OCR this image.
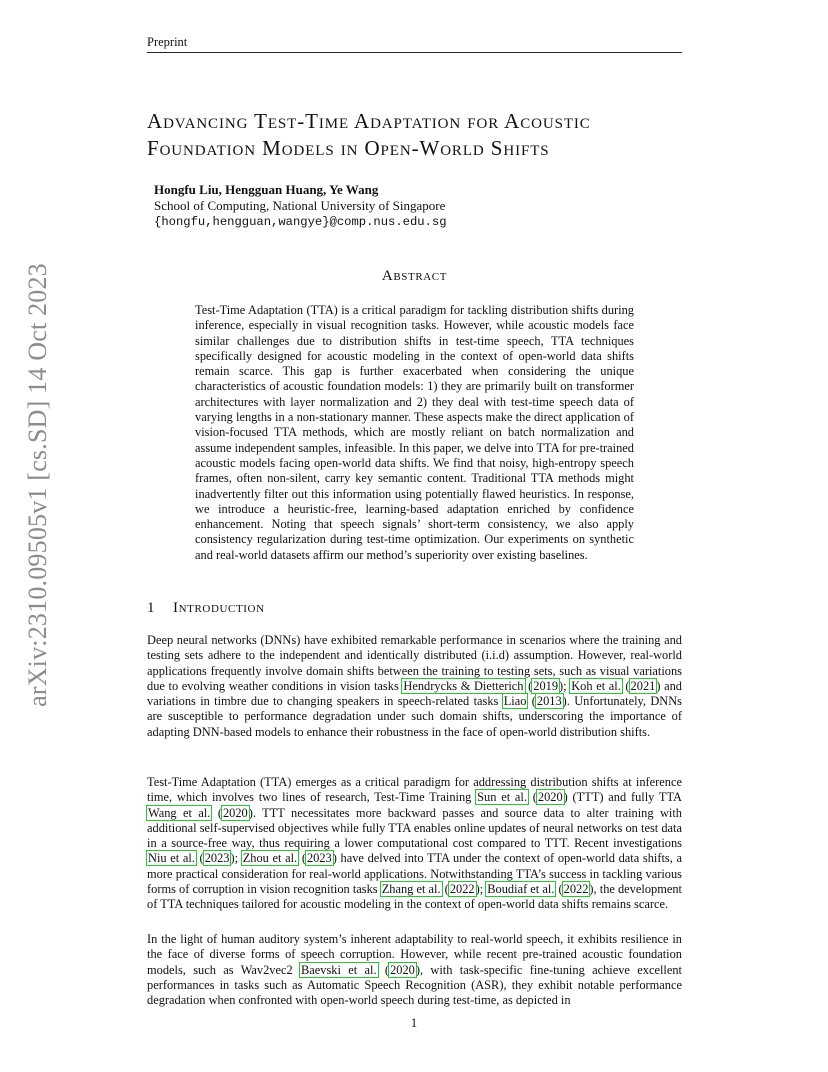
Preprint
arXiv:2310.09505v1 [cs.SD] 14 Oct 2023
Advancing Test-Time Adaptation for Acoustic
Foundation Models in Open-World Shifts
Hongfu Liu, Hengguan Huang, Ye Wang
School of Computing, National University of Singapore
{hongfu,hengguan,wangye}@comp.nus.edu.sg
Abstract

Test-Time Adaptation (TTA) is a critical paradigm for tackling distribution shifts during inference, especially in visual recognition tasks. However, while acoustic models face similar challenges due to distribution shifts in test-time speech, TTA techniques specifically designed for acoustic modeling in the context of open-world data shifts remain scarce. This gap is further exacerbated when considering the unique characteristics of acoustic foundation models: 1) they are primarily built on transformer architectures with layer normalization and 2) they deal with test-time speech data of varying lengths in a non-stationary manner. These aspects make the direct application of vision-focused TTA methods, which are mostly reliant on batch normalization and assume independent samples, infeasible. In this paper, we delve into TTA for pre-trained acoustic models facing open-world data shifts. We find that noisy, high-entropy speech frames, often non-silent, carry key semantic content. Traditional TTA methods might inadvertently filter out this information using potentially flawed heuristics. In response, we introduce a heuristic-free, learning-based adaptation enriched by confidence enhancement. Noting that speech signals’ short-term consistency, we also apply consistency regularization during test-time optimization. Our experiments on synthetic and real-world datasets affirm our method’s superiority over existing baselines.

1 Introduction

Deep neural networks (DNNs) have exhibited remarkable performance in scenarios where the training and testing sets adhere to the independent and identically distributed (i.i.d) assumption. However, real-world applications frequently involve domain shifts between the training to testing sets, such as visual variations due to evolving weather conditions in vision tasks Hendrycks & Dietterich (2019); Koh et al. (2021) and variations in timbre due to changing speakers in speech-related tasks Liao (2013). Unfortunately, DNNs are susceptible to performance degradation under such domain shifts, underscoring the importance of adapting DNN-based models to enhance their robustness in the face of open-world distribution shifts.

Test-Time Adaptation (TTA) emerges as a critical paradigm for addressing distribution shifts at inference time, which involves two lines of research, Test-Time Training Sun et al. (2020) (TTT) and fully TTA Wang et al. (2020). TTT necessitates more backward passes and source data to alter training with additional self-supervised objectives while fully TTA enables online updates of neural networks on test data in a source-free way, thus requiring a lower computational cost compared to TTT. Recent investigations Niu et al. (2023); Zhou et al. (2023) have delved into TTA under the context of open-world data shifts, a more practical consideration for real-world applications. Notwithstanding TTA’s success in tackling various forms of corruption in vision recognition tasks Zhang et al. (2022); Boudiaf et al. (2022), the development of TTA techniques tailored for acoustic modeling in the context of open-world data shifts remains scarce.

In the light of human auditory system’s inherent adaptability to real-world speech, it exhibits resilience in the face of diverse forms of speech corruption. However, while recent pre-trained acoustic foundation models, such as Wav2vec2 Baevski et al. (2020), with task-specific fine-tuning achieve excellent performances in tasks such as Automatic Speech Recognition (ASR), they exhibit notable performance degradation when confronted with open-world speech during test-time, as depicted in

1
